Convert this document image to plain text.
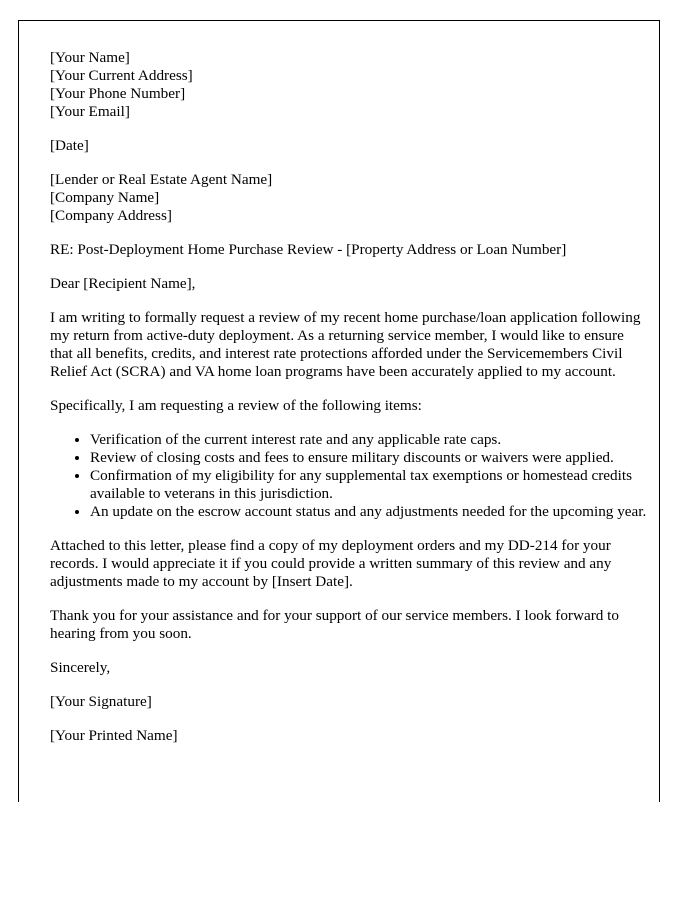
[Your Name]
[Your Current Address]
[Your Phone Number]
[Your Email]
[Date]
[Lender or Real Estate Agent Name]
[Company Name]
[Company Address]

RE: Post-Deployment Home Purchase Review - [Property Address or Loan Number]

Dear [Recipient Name],

I am writing to formally request a review of my recent home purchase/loan application following my return from active-duty deployment. As a returning service member, I would like to ensure that all benefits, credits, and interest rate protections afforded under the Servicemembers Civil Relief Act (SCRA) and VA home loan programs have been accurately applied to my account.

Specifically, I am requesting a review of the following items:

• Verification of the current interest rate and any applicable rate caps.
• Review of closing costs and fees to ensure military discounts or waivers were applied.
• Confirmation of my eligibility for any supplemental tax exemptions or homestead credits available to veterans in this jurisdiction.
• An update on the escrow account status and any adjustments needed for the upcoming year.

Attached to this letter, please find a copy of my deployment orders and my DD-214 for your records. I would appreciate it if you could provide a written summary of this review and any adjustments made to my account by [Insert Date].

Thank you for your assistance and for your support of our service members. I look forward to hearing from you soon.

Sincerely,

[Your Signature]

[Your Printed Name]
